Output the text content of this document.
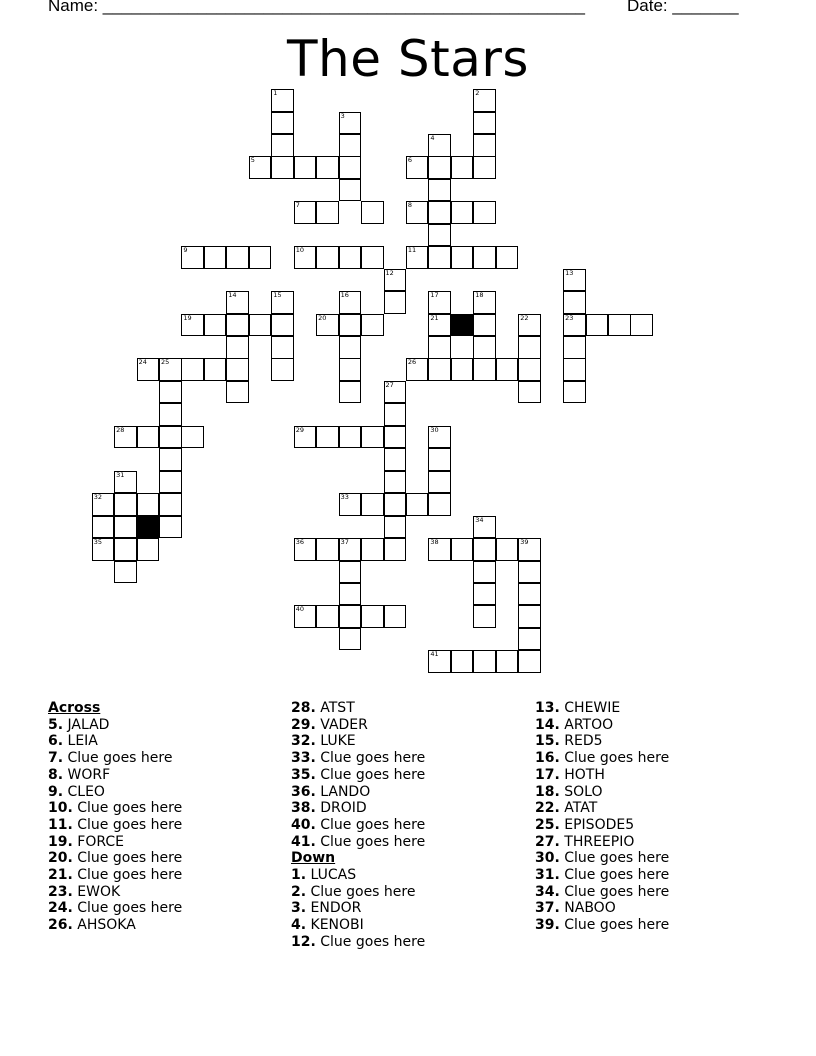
Name: ___________________________________________________ Date: _______
The Stars
1	2
3
4
5	6
7	8
9	10	11
12	13
14	15	16	17	18
19	20	21	22	23
24 25	26
27
28	29	30
31
32	33
34
35	36	37	38	39
40
41
Across
5. JALAD
6. LEIA
7. Clue goes here
8. WORF
9. CLEO
10. Clue goes here
11. Clue goes here
19. FORCE
20. Clue goes here
21. Clue goes here
23. EWOK
24. Clue goes here
26. AHSOKA
28. ATST
29. VADER
32. LUKE
33. Clue goes here
35. Clue goes here
36. LANDO
38. DROID
40. Clue goes here
41. Clue goes here
Down
1. LUCAS
2. Clue goes here
3. ENDOR
4. KENOBI
12. Clue goes here
13. CHEWIE
14. ARTOO
15. RED5
16. Clue goes here
17. HOTH
18. SOLO
22. ATAT
25. EPISODE5
27. THREEPIO
30. Clue goes here
31. Clue goes here
34. Clue goes here
37. NABOO
39. Clue goes here
